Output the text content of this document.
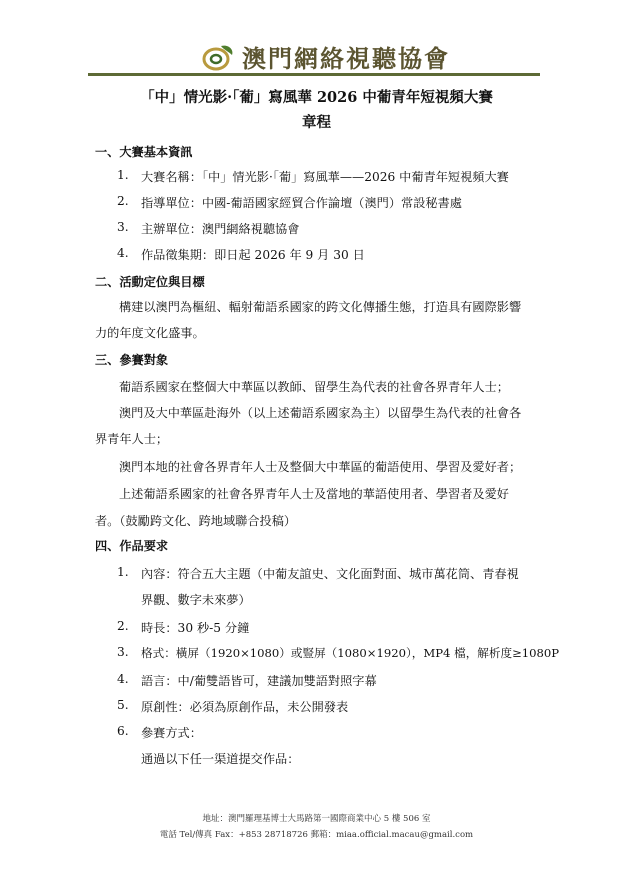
澳門網絡視聽協會
「中」情光影·「葡」寫風華 2026 中葡青年短視頻大賽
章程
一、大賽基本資訊
1. 大賽名稱：「中」情光影·「葡」寫風華——2026 中葡青年短視頻大賽
2. 指導單位：中國-葡語國家經貿合作論壇（澳門）常設秘書處
3. 主辦單位：澳門網絡視聽協會
4. 作品徵集期：即日起 2026 年 9 月 30 日
二、活動定位與目標
構建以澳門為樞紐、輻射葡語系國家的跨文化傳播生態，打造具有國際影響
力的年度文化盛事。
三、參賽對象
葡語系國家在整個大中華區以教師、留學生為代表的社會各界青年人士；
澳門及大中華區赴海外（以上述葡語系國家為主）以留學生為代表的社會各
界青年人士；
澳門本地的社會各界青年人士及整個大中華區的葡語使用、學習及愛好者；
上述葡語系國家的社會各界青年人士及當地的華語使用者、學習者及愛好
者。（鼓勵跨文化、跨地域聯合投稿）
四、作品要求
1. 內容：符合五大主題（中葡友誼史、文化面對面、城市萬花筒、青春視
界觀、數字未來夢）
2. 時長：30 秒-5 分鐘
3. 格式：橫屏（1920×1080）或豎屏（1080×1920），MP4 檔，解析度≥1080P
4. 語言：中/葡雙語皆可，建議加雙語對照字幕
5. 原創性：必須為原創作品，未公開發表
6. 參賽方式：
通過以下任一渠道提交作品：
地址：澳門羅理基博士大馬路第一國際商業中心 5 樓 506 室
電話 Tel/傳真 Fax：+853 28718726 郵箱：miaa.official.macau@gmail.com
